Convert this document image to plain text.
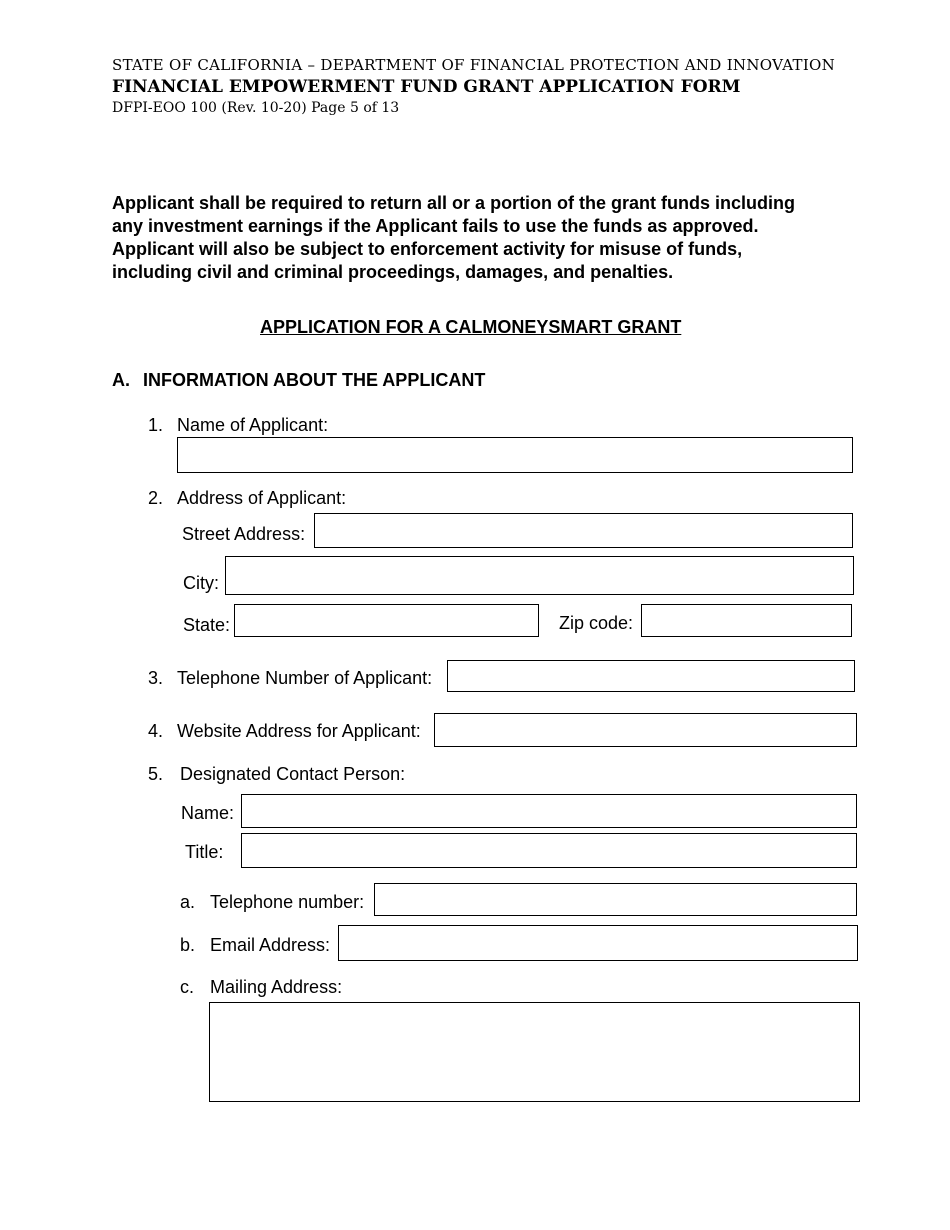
STATE OF CALIFORNIA – DEPARTMENT OF FINANCIAL PROTECTION AND INNOVATION
FINANCIAL EMPOWERMENT FUND GRANT APPLICATION FORM
DFPI-EOO 100 (Rev. 10-20) Page 5 of 13
Applicant shall be required to return all or a portion of the grant funds including
any investment earnings if the Applicant fails to use the funds as approved.
Applicant will also be subject to enforcement activity for misuse of funds,
including civil and criminal proceedings, damages, and penalties.
APPLICATION FOR A CALMONEYSMART GRANT
A. INFORMATION ABOUT THE APPLICANT
1. Name of Applicant:
2. Address of Applicant:
Street Address:
City:
State:	Zip code:
3. Telephone Number of Applicant:
4. Website Address for Applicant:
5. Designated Contact Person:
Name:
Title:
a. Telephone number:
b. Email Address:
c. Mailing Address:
